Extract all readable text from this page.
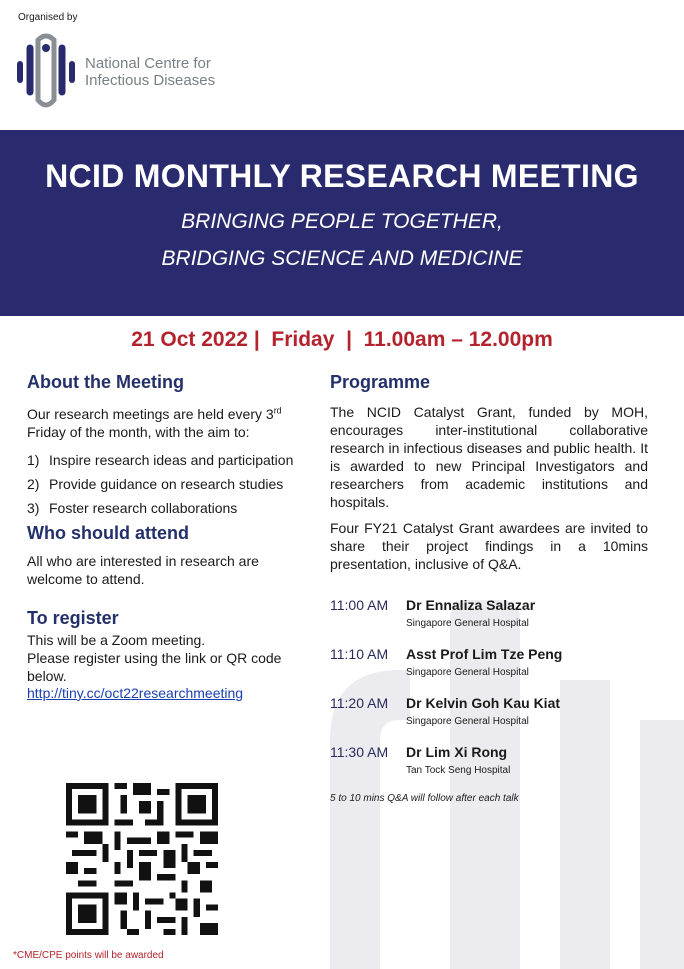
Organised by
National Centre for
Infectious Diseases
NCID MONTHLY RESEARCH MEETING
BRINGING PEOPLE TOGETHER,
BRIDGING SCIENCE AND MEDICINE
21 Oct 2022 |  Friday  |  11.00am – 12.00pm
About the Meeting
Our research meetings are held every 3rd Friday of the month, with the aim to:
1) Inspire research ideas and participation
2) Provide guidance on research studies
3) Foster research collaborations
Who should attend
All who are interested in research are welcome to attend.
To register
This will be a Zoom meeting.
Please register using the link or QR code below.
http://tiny.cc/oct22researchmeeting
*CME/CPE points will be awarded
Programme
The NCID Catalyst Grant, funded by MOH, encourages inter-institutional collaborative research in infectious diseases and public health. It is awarded to new Principal Investigators and researchers from academic institutions and hospitals.
Four FY21 Catalyst Grant awardees are invited to share their project findings in a 10mins presentation, inclusive of Q&A.
11:00 AM	Dr Ennaliza Salazar
Singapore General Hospital
11:10 AM	Asst Prof Lim Tze Peng
Singapore General Hospital
11:20 AM	Dr Kelvin Goh Kau Kiat
Singapore General Hospital
11:30 AM	Dr Lim Xi Rong
Tan Tock Seng Hospital
5 to 10 mins Q&A will follow after each talk
